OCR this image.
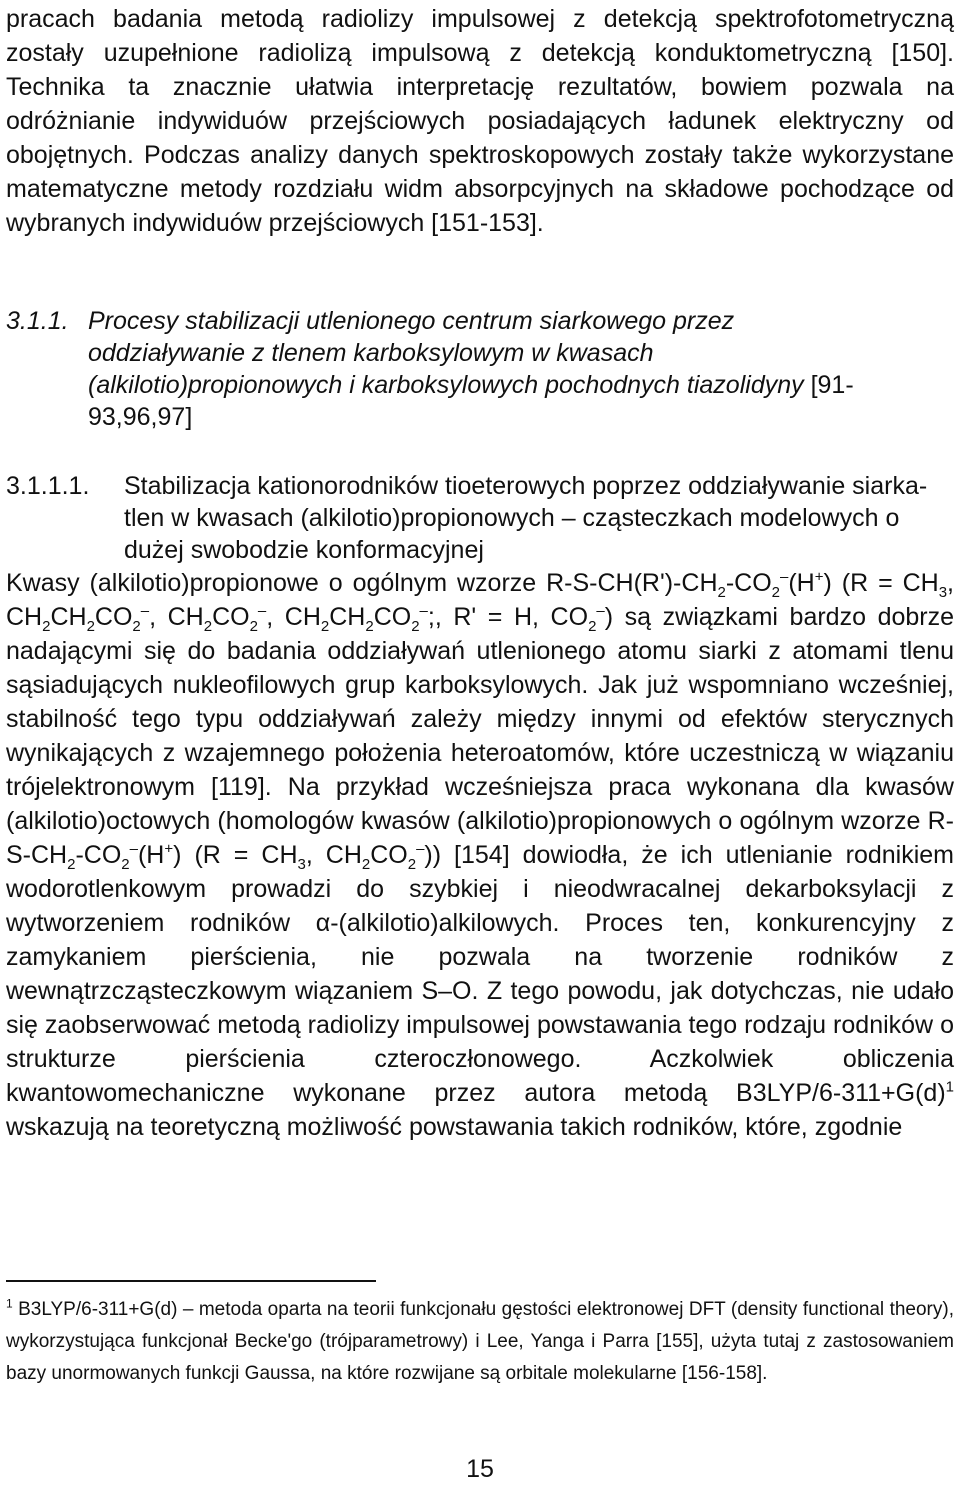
pracach badania metodą radiolizy impulsowej z detekcją spektrofotometryczną zostały uzupełnione radiolizą impulsową z detekcją konduktometryczną [150]. Technika ta znacznie ułatwia interpretację rezultatów, bowiem pozwala na odróżnianie indywiduów przejściowych posiadających ładunek elektryczny od obojętnych. Podczas analizy danych spektroskopowych zostały także wykorzystane matematyczne metody rozdziału widm absorpcyjnych na składowe pochodzące od wybranych indywiduów przejściowych [151-153].

3.1.1. Procesy stabilizacji utlenionego centrum siarkowego przez oddziaływanie z tlenem karboksylowym w kwasach (alkilotio)propionowych i karboksylowych pochodnych tiazolidyny [91-93,96,97]
3.1.1.1. Stabilizacja kationorodników tioeterowych poprzez oddziaływanie siarka-tlen w kwasach (alkilotio)propionowych – cząsteczkach modelowych o dużej swobodzie konformacyjnej

Kwasy (alkilotio)propionowe o ogólnym wzorze $R-S-CH(R')-CH_2-CO_2^-(H^+) (R = CH_3$, $CH_2CH_2CO_2^-$, $CH_2CO_2^-$, $CH_2CH_2CO_2^-$;, R' = H, $CO_2^-$) są związkami bardzo dobrze nadającymi się do badania oddziaływań utlenionego atomu siarki z atomami tlenu sąsiadujących nukleofilowych grup karboksylowych. Jak już wspomniano wcześniej, stabilność tego typu oddziaływań zależy między innymi od efektów sterycznych wynikających z wzajemnego położenia heteroatomów, które uczestniczą w wiązaniu trójelektronowym [119]. Na przykład wcześniejsza praca wykonana dla kwasów (alkilotio)octowych (homologów kwasów (alkilotio)propionowych o ogólnym wzorze $R-S-CH_2-CO_2^-(H^+) (R = CH_3$, $CH_2CO_2^-$)) [154] dowiodła, że ich utlenianie rodnikiem wodorotlenkowym prowadzi do szybkiej i nieodwracalnej dekarboksylacji z wytworzeniem rodników α-(alkilotio)alkilowych. Proces ten, konkurencyjny z zamykaniem pierścienia, nie pozwala na tworzenie rodników z wewnątrzcząsteczkowym wiązaniem S–O. Z tego powodu, jak dotychczas, nie udało się zaobserwować metodą radiolizy impulsowej powstawania tego rodzaju rodników o strukturze pierścienia czteroczłonowego. Aczkolwiek obliczenia kwantowomechaniczne wykonane przez autora metodą $B3LYP/6-311+G(d)^1$ wskazują na teoretyczną możliwość powstawania takich rodników, które, zgodnie

$^1$ B3LYP/6-311+G(d) – metoda oparta na teorii funkcjonału gęstości elektronowej DFT (density functional theory), wykorzystująca funkcjonał Becke'go (trójparametrowy) i Lee, Yanga i Parra [155], użyta tutaj z zastosowaniem bazy unormowanych funkcji Gaussa, na które rozwijane są orbitale molekularne [156-158].

15
